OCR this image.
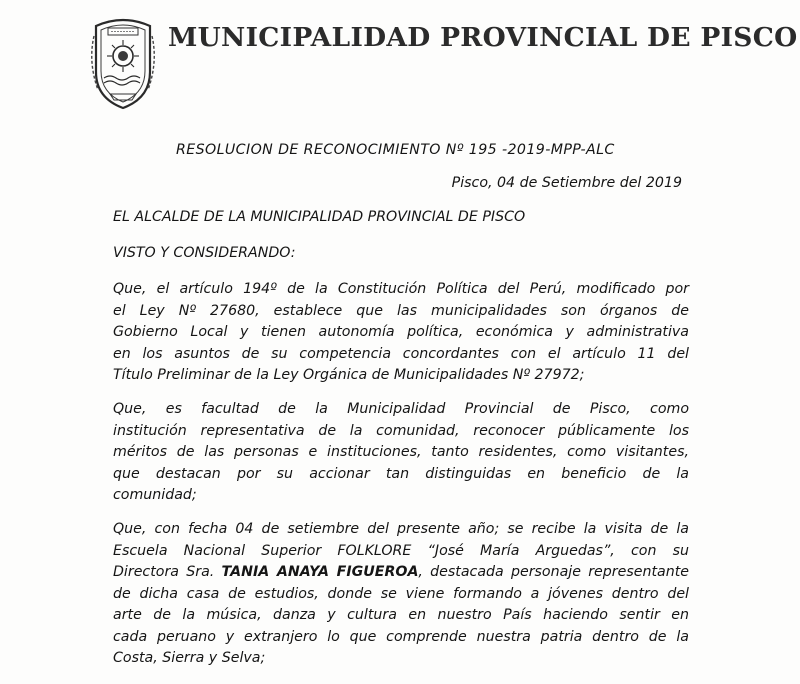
MUNICIPALIDAD PROVINCIAL DE PISCO
RESOLUCION DE RECONOCIMIENTO Nº 195 -2019-MPP-ALC
Pisco, 04 de Setiembre del 2019
EL ALCALDE DE LA MUNICIPALIDAD PROVINCIAL DE PISCO
VISTO Y CONSIDERANDO:

Que, el artículo 194º de la Constitución Política del Perú, modificado por
el Ley Nº 27680, establece que las municipalidades son órganos de
Gobierno Local y tienen autonomía política, económica y administrativa
en los asuntos de su competencia concordantes con el artículo 11 del
Título Preliminar de la Ley Orgánica de Municipalidades Nº 27972;

Que, es facultad de la Municipalidad Provincial de Pisco, como
institución representativa de la comunidad, reconocer públicamente los
méritos de las personas e instituciones, tanto residentes, como visitantes,
que destacan por su accionar tan distinguidas en beneficio de la
comunidad;

Que, con fecha 04 de setiembre del presente año; se recibe la visita de la
Escuela Nacional Superior FOLKLORE “José María Arguedas”, con su
Directora Sra. TANIA ANAYA FIGUEROA, destacada personaje representante
de dicha casa de estudios, donde se viene formando a jóvenes dentro del
arte de la música, danza y cultura en nuestro País haciendo sentir en
cada peruano y extranjero lo que comprende nuestra patria dentro de la
Costa, Sierra y Selva;
